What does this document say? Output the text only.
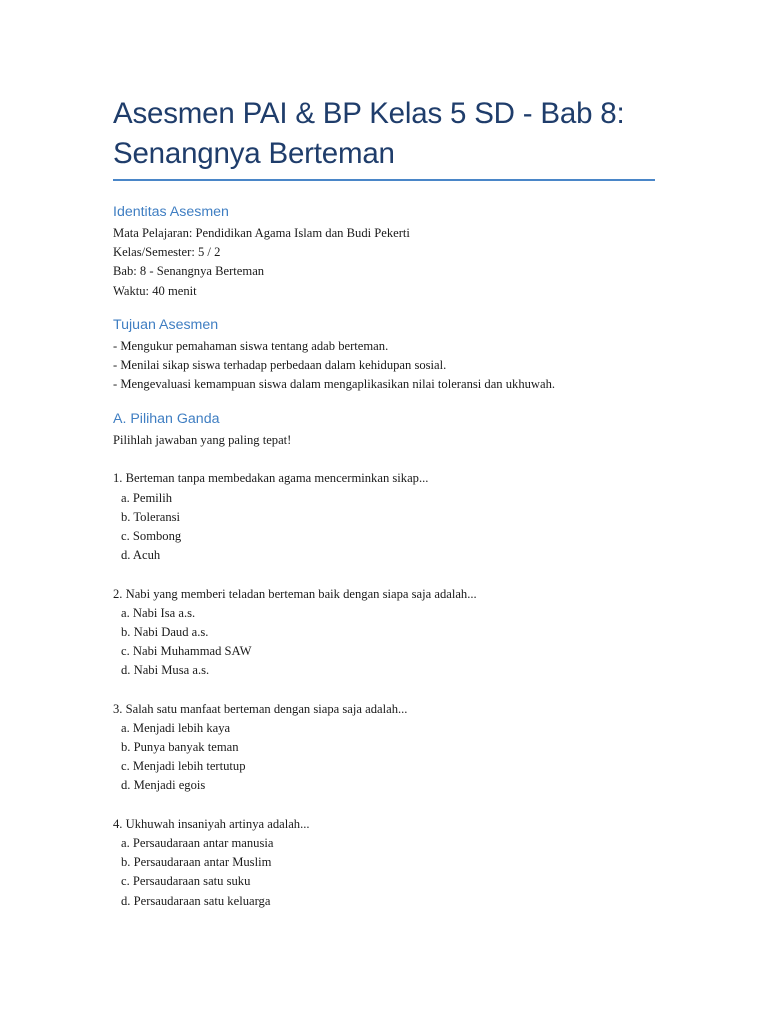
Asesmen PAI & BP Kelas 5 SD - Bab 8:
Senangnya Berteman
Identitas Asesmen
Mata Pelajaran: Pendidikan Agama Islam dan Budi Pekerti
Kelas/Semester: 5 / 2
Bab: 8 - Senangnya Berteman
Waktu: 40 menit
Tujuan Asesmen
- Mengukur pemahaman siswa tentang adab berteman.
- Menilai sikap siswa terhadap perbedaan dalam kehidupan sosial.
- Mengevaluasi kemampuan siswa dalam mengaplikasikan nilai toleransi dan ukhuwah.
A. Pilihan Ganda
Pilihlah jawaban yang paling tepat!
1. Berteman tanpa membedakan agama mencerminkan sikap...
a. Pemilih
b. Toleransi
c. Sombong
d. Acuh
2. Nabi yang memberi teladan berteman baik dengan siapa saja adalah...
a. Nabi Isa a.s.
b. Nabi Daud a.s.
c. Nabi Muhammad SAW
d. Nabi Musa a.s.
3. Salah satu manfaat berteman dengan siapa saja adalah...
a. Menjadi lebih kaya
b. Punya banyak teman
c. Menjadi lebih tertutup
d. Menjadi egois
4. Ukhuwah insaniyah artinya adalah...
a. Persaudaraan antar manusia
b. Persaudaraan antar Muslim
c. Persaudaraan satu suku
d. Persaudaraan satu keluarga
